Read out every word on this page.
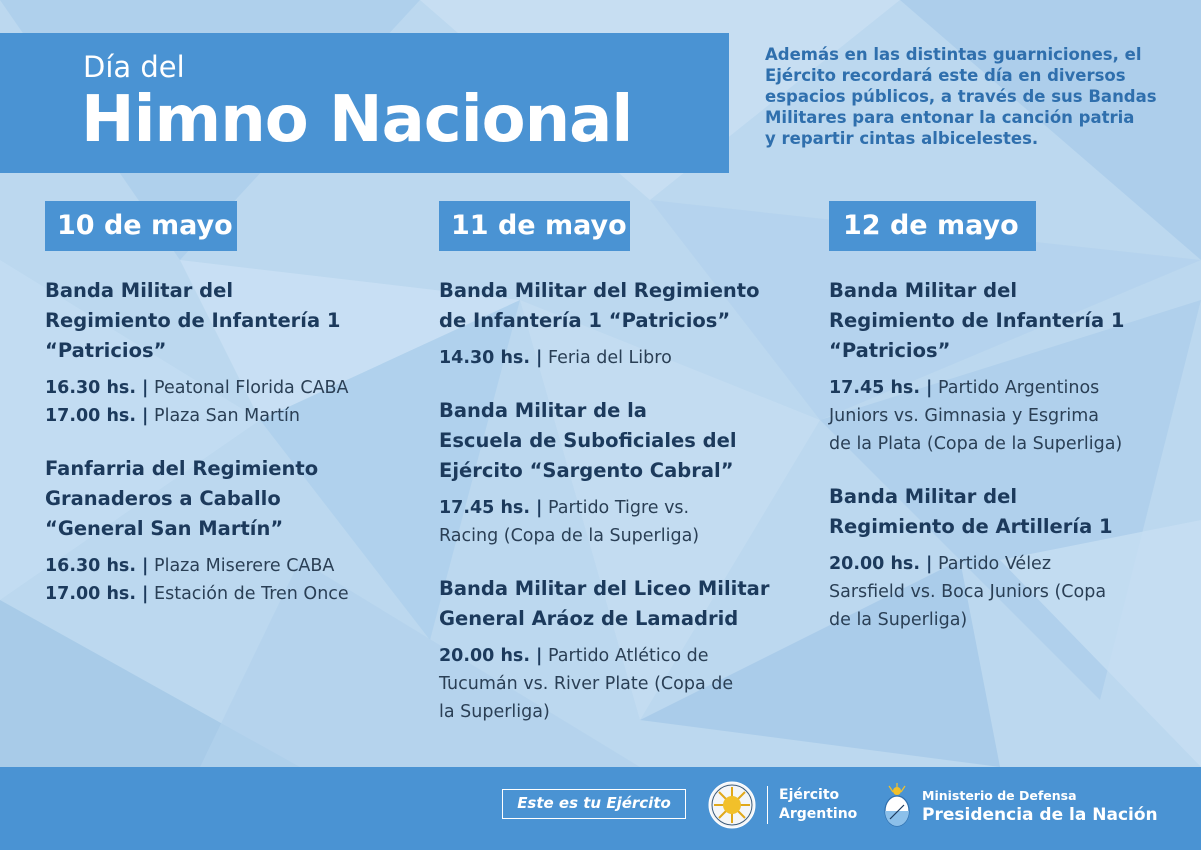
Día del
Himno Nacional
Además en las distintas guarniciones, el
Ejército recordará este día en diversos
espacios públicos, a través de sus Bandas
Militares para entonar la canción patria
y repartir cintas albicelestes.
10 de mayo	11 de mayo	12 de mayo
Banda Militar del
Regimiento de Infantería 1
“Patricios”
16.30 hs. | Peatonal Florida CABA
17.00 hs. | Plaza San Martín
Fanfarria del Regimiento
Granaderos a Caballo
“General San Martín”
16.30 hs. | Plaza Miserere CABA
17.00 hs. | Estación de Tren Once
Banda Militar del Regimiento
de Infantería 1 “Patricios”
14.30 hs. | Feria del Libro
Banda Militar de la
Escuela de Suboficiales del
Ejército “Sargento Cabral”
17.45 hs. | Partido Tigre vs.
Racing (Copa de la Superliga)
Banda Militar del Liceo Militar
General Aráoz de Lamadrid
20.00 hs. | Partido Atlético de
Tucumán vs. River Plate (Copa de
la Superliga)
Banda Militar del
Regimiento de Infantería 1
“Patricios”
17.45 hs. | Partido Argentinos
Juniors vs. Gimnasia y Esgrima
de la Plata (Copa de la Superliga)
Banda Militar del
Regimiento de Artillería 1
20.00 hs. | Partido Vélez
Sarsfield vs. Boca Juniors (Copa
de la Superliga)
Este es tu Ejército	Ejército
Argentino
Ministerio de Defensa
Presidencia de la Nación
